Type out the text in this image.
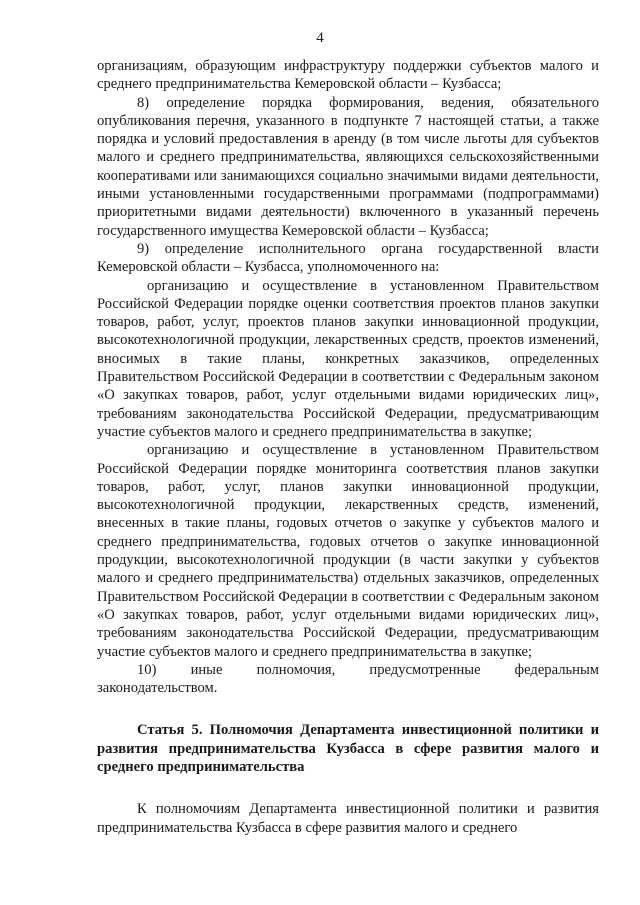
4

организациям, образующим инфраструктуру поддержки субъектов малого и среднего предпринимательства Кемеровской области – Кузбасса;

8) определение порядка формирования, ведения, обязательного опубликования перечня, указанного в подпункте 7 настоящей статьи, а также порядка и условий предоставления в аренду (в том числе льготы для субъектов малого и среднего предпринимательства, являющихся сельскохозяйственными кооперативами или занимающихся социально значимыми видами деятельности, иными установленными государственными программами (подпрограммами) приоритетными видами деятельности) включенного в указанный перечень государственного имущества Кемеровской области – Кузбасса;

9) определение исполнительного органа государственной власти Кемеровской области – Кузбасса, уполномоченного на:

организацию и осуществление в установленном Правительством Российской Федерации порядке оценки соответствия проектов планов закупки товаров, работ, услуг, проектов планов закупки инновационной продукции, высокотехнологичной продукции, лекарственных средств, проектов изменений, вносимых в такие планы, конкретных заказчиков, определенных Правительством Российской Федерации в соответствии с Федеральным законом «О закупках товаров, работ, услуг отдельными видами юридических лиц», требованиям законодательства Российской Федерации, предусматривающим участие субъектов малого и среднего предпринимательства в закупке;

организацию и осуществление в установленном Правительством Российской Федерации порядке мониторинга соответствия планов закупки товаров, работ, услуг, планов закупки инновационной продукции, высокотехнологичной продукции, лекарственных средств, изменений, внесенных в такие планы, годовых отчетов о закупке у субъектов малого и среднего предпринимательства, годовых отчетов о закупке инновационной продукции, высокотехнологичной продукции (в части закупки у субъектов малого и среднего предпринимательства) отдельных заказчиков, определенных Правительством Российской Федерации в соответствии с Федеральным законом «О закупках товаров, работ, услуг отдельными видами юридических лиц», требованиям законодательства Российской Федерации, предусматривающим участие субъектов малого и среднего предпринимательства в закупке;

10) иные полномочия, предусмотренные федеральным законодательством.

Статья 5. Полномочия Департамента инвестиционной политики и развития предпринимательства Кузбасса в сфере развития малого и среднего предпринимательства

К полномочиям Департамента инвестиционной политики и развития предпринимательства Кузбасса в сфере развития малого и среднего
